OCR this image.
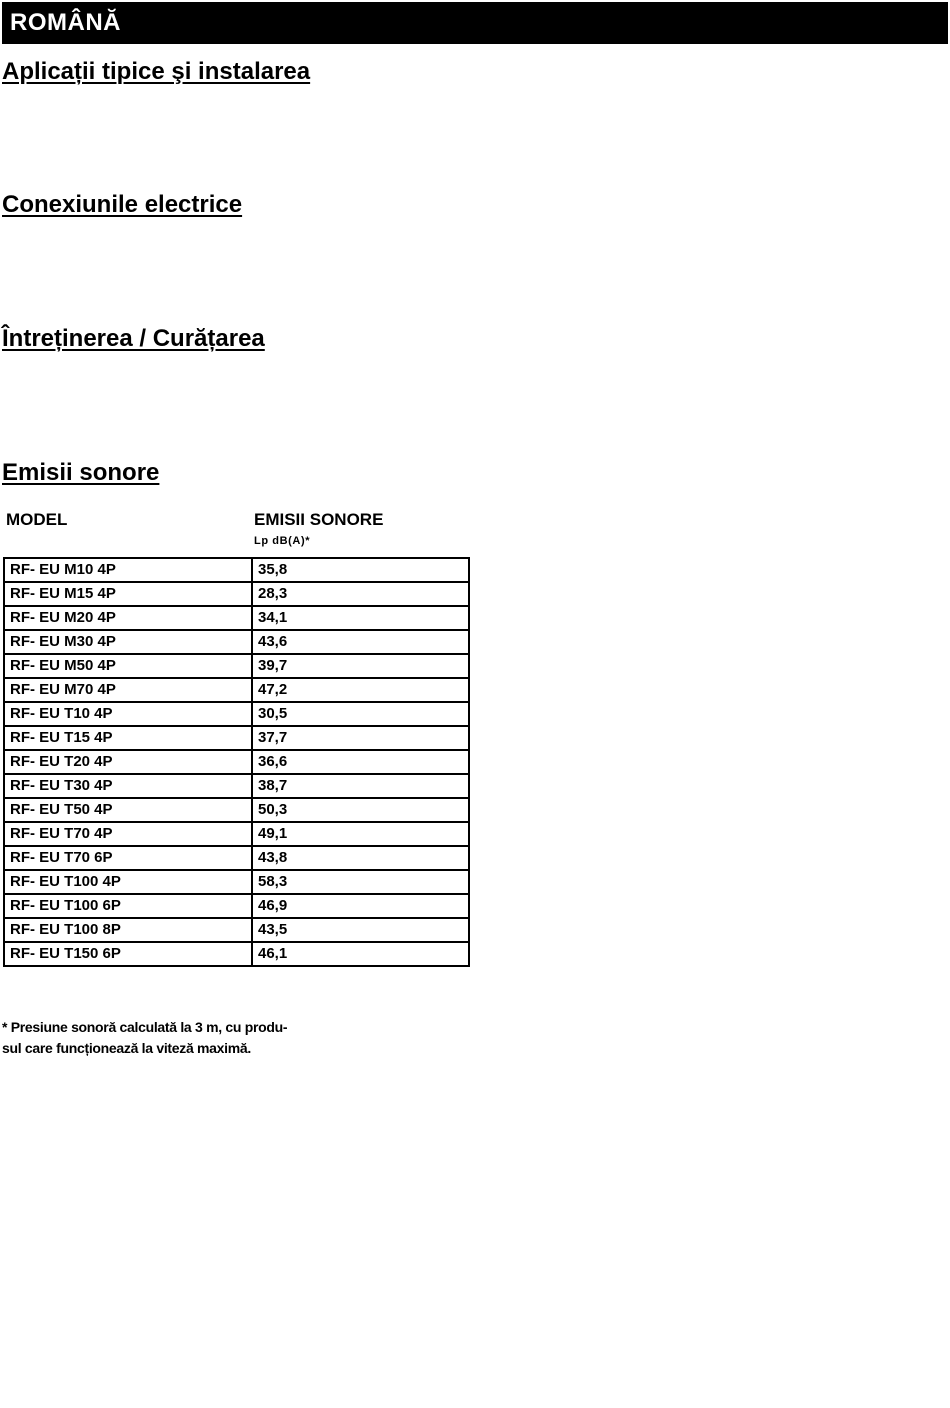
ROMÂNĂ
Aplicații tipice şi instalarea
Conexiunile electrice
Întreținerea / Curățarea
Emisii sonore
MODEL	EMISII SONORE
Lp dB(A)*
RF- EU M10 4P	35,8
RF- EU M15 4P	28,3
RF- EU M20 4P	34,1
RF- EU M30 4P	43,6
RF- EU M50 4P	39,7
RF- EU M70 4P	47,2
RF- EU T10 4P	30,5
RF- EU T15 4P	37,7
RF- EU T20 4P	36,6
RF- EU T30 4P	38,7
RF- EU T50 4P	50,3
RF- EU T70 4P	49,1
RF- EU T70 6P	43,8
RF- EU T100 4P	58,3
RF- EU T100 6P	46,9
RF- EU T100 8P	43,5
RF- EU T150 6P	46,1
* Presiune sonoră calculată la 3 m, cu produ-
sul care funcționează la viteză maximă.
